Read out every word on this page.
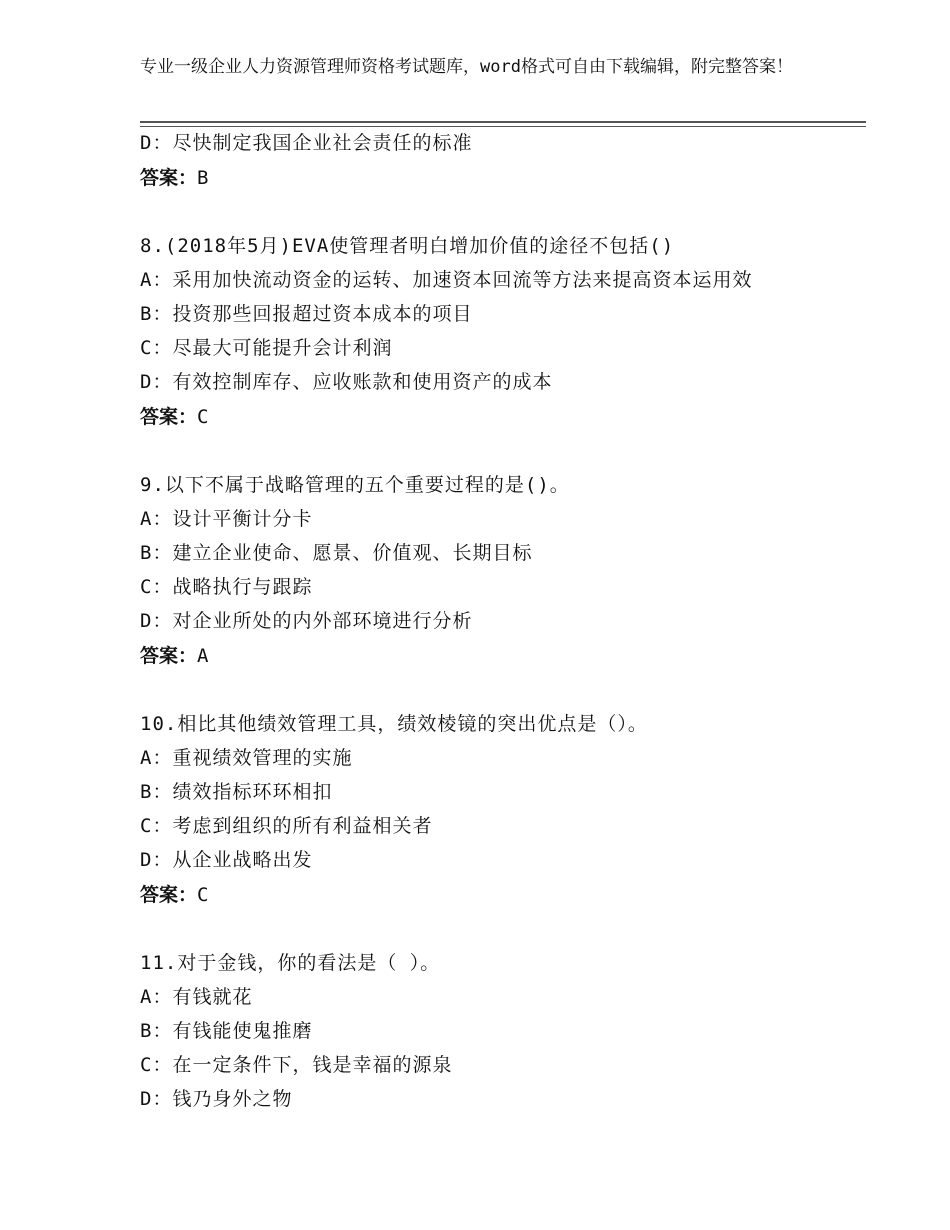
专业一级企业人力资源管理师资格考试题库，word格式可自由下载编辑，附完整答案！
D：尽快制定我国企业社会责任的标准
答案：B
8.(2018年5月)EVA使管理者明白增加价值的途径不包括()
A：采用加快流动资金的运转、加速资本回流等方法来提高资本运用效
B：投资那些回报超过资本成本的项目
C：尽最大可能提升会计利润
D：有效控制库存、应收账款和使用资产的成本
答案：C
9.以下不属于战略管理的五个重要过程的是()。
A：设计平衡计分卡
B：建立企业使命、愿景、价值观、长期目标
C：战略执行与跟踪
D：对企业所处的内外部环境进行分析
答案：A
10.相比其他绩效管理工具，绩效棱镜的突出优点是（）。
A：重视绩效管理的实施
B：绩效指标环环相扣
C：考虑到组织的所有利益相关者
D：从企业战略出发
答案：C
11.对于金钱，你的看法是（ ）。
A：有钱就花
B：有钱能使鬼推磨
C：在一定条件下，钱是幸福的源泉
D：钱乃身外之物
